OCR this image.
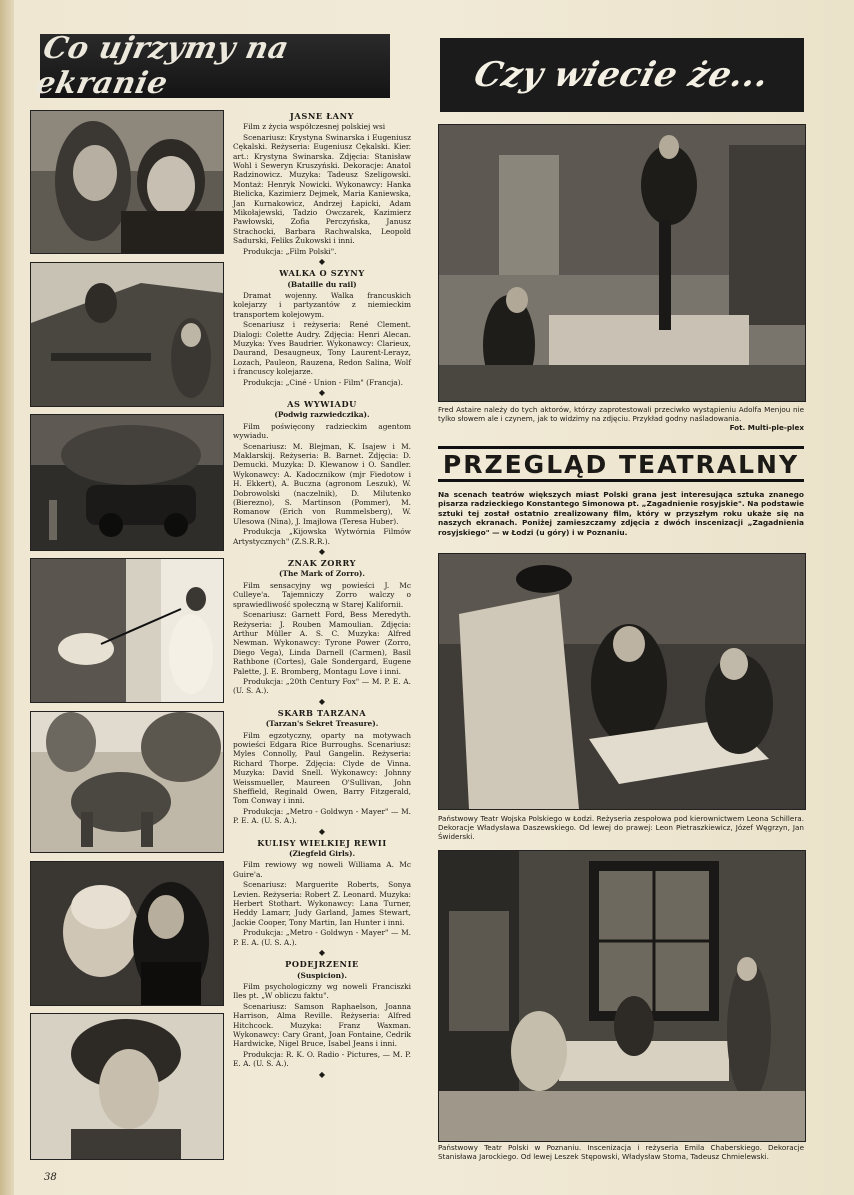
Co ujrzymy na ekranie	Czy wiecie że...
JASNE ŁANY

Film z życia współczesnej polskiej wsi

Scenariusz: Krystyna Swinarska i Eugeniusz Cękalski. Reżyseria: Eugeniusz Cękalski. Kier. art.: Krystyna Swinarska. Zdjęcia: Stanisław Wohl i Seweryn Kruszyński. Dekoracje: Anatol Radzinowicz. Muzyka: Tadeusz Szeligowski. Montaż: Henryk Nowicki. Wykonawcy: Hanka Bielicka, Kazimierz Dejmek, Maria Kaniewska, Jan Kurnakowicz, Andrzej Łapicki, Adam Mikołajewski, Tadzio Owczarek, Kazimierz Pawłowski, Zofia Perczyńska, Janusz Strachocki, Barbara Rachwalska, Leopold Sadurski, Feliks Żukowski i inni.

Produkcja: „Film Polski".

◆
WALKA O SZYNY
(Bataille du rail)

Dramat wojenny. Walka francuskich kolejarzy i partyzantów z niemieckim transportem kolejowym.

Scenariusz i reżyseria: René Clement. Dialogi: Colette Audry. Zdjęcia: Henri Alecan. Muzyka: Yves Baudrier. Wykonawcy: Clarieux, Daurand, Desaugneux, Tony Laurent-Lerayz, Lozach, Pauleon, Rauzena, Redon Salina, Wolf i francuscy kolejarze.

Produkcja: „Ciné - Union - Film" (Francja).

◆
AS WYWIADU
(Podwig razwiedczika).

Film poświęcony radzieckim agentom wywiadu.

Scenariusz: M. Blejman, K. Isajew i M. Maklarskij. Reżyseria: B. Barnet. Zdjęcia: D. Demucki. Muzyka: D. Klewanow i O. Sandler. Wykonawcy: A. Kadocznikow (mjr Fiedotow i H. Ekkert), A. Buczna (agronom Leszuk), W. Dobrowolski (naczelnik), D. Milutenko (Bierezno), S. Martinson (Pommer), M. Romanow (Erich von Rummelsberg), W. Ulesowa (Nina), J. Imajłowa (Teresa Huber).

Produkcja „Kijowska Wytwórnia Filmów Artystycznych" (Z.S.R.R.).

◆
ZNAK ZORRY
(The Mark of Zorro).

Film sensacyjny wg powieści J. Mc Culleye'a. Tajemniczy Zorro walczy o sprawiedliwość społeczną w Starej Kalifornii.

Scenariusz: Garnett Ford, Bess Meredyth. Reżyseria: J. Rouben Mamoulian. Zdjęcia: Arthur Müller A. S. C. Muzyka: Alfred Newman. Wykonawcy: Tyrone Power (Zorro, Diego Vega), Linda Darnell (Carmen), Basil Rathbone (Cortes), Gale Sondergard, Eugene Palette, J. E. Bromberg, Montagu Love i inni.

Produkcja: „20th Century Fox" — M. P. E. A. (U. S. A.).

◆
SKARB TARZANA
(Tarzan's Sekret Treasure).

Film egzotyczny, oparty na motywach powieści Edgara Rice Burroughs. Scenariusz: Myles Connolly, Paul Gangelin. Reżyseria: Richard Thorpe. Zdjęcia: Clyde de Vinna. Muzyka: David Snell. Wykonawcy: Johnny Weissmueller, Maureen O'Sullivan, John Sheffield, Reginald Owen, Barry Fitzgerald, Tom Conway i inni.

Produkcja: „Metro - Goldwyn - Mayer" — M. P. E. A. (U. S. A.).

◆
KULISY WIELKIEJ REWII
(Ziegfeld Girls).

Film rewiowy wg noweli Williama A. Mc Guire'a.

Scenariusz: Marguerite Roberts, Sonya Levien. Reżyseria: Robert Z. Leonard. Muzyka: Herbert Stothart. Wykonawcy: Lana Turner, Heddy Lamarr, Judy Garland, James Stewart, Jackie Cooper, Tony Martin, Ian Hunter i inni.

Produkcja: „Metro - Goldwyn - Mayer" — M. P. E. A. (U. S. A.).

◆
PODEJRZENIE
(Suspicion).

Film psychologiczny wg noweli Franciszki Iles pt. „W obliczu faktu".

Scenariusz: Samson Raphaelson, Joanna Harrison, Alma Reville. Reżyseria: Alfred Hitchcock. Muzyka: Franz Waxman. Wykonawcy: Cary Grant, Joan Fontaine, Cedrik Hardwicke, Nigel Bruce, Isabel Jeans i inni.

Produkcja: R. K. O. Radio - Pictures, — M. P. E. A. (U. S. A.).

◆
Fred Astaire należy do tych aktorów, którzy zaprotestowali przeciwko wystąpieniu Adolfa Menjou nie tylko słowem ale i czynem, jak to widzimy na zdjęciu. Przykład godny naśladowania.
Fot. Multi-ple-plex
PRZEGLĄD TEATRALNY
Na scenach teatrów większych miast Polski grana jest interesująca sztuka znanego pisarza radzieckiego Konstantego Simonowa pt. „Zagadnienie rosyjskie". Na podstawie sztuki tej został ostatnio zrealizowany film, który w przyszłym roku ukaże się na naszych ekranach. Poniżej zamieszczamy zdjęcia z dwóch inscenizacji „Zagadnienia rosyjskiego" — w Łodzi (u góry) i w Poznaniu.
Państwowy Teatr Wojska Polskiego w Łodzi. Reżyseria zespołowa pod kierownictwem Leona Schillera. Dekoracje Władysława Daszewskiego. Od lewej do prawej: Leon Pietraszkiewicz, Józef Węgrzyn, Jan Świderski.
Państwowy Teatr Polski w Poznaniu. Inscenizacja i reżyseria Emila Chaberskiego. Dekoracje Stanisława Jarockiego. Od lewej Leszek Stępowski, Władysław Stoma, Tadeusz Chmielewski.
38
